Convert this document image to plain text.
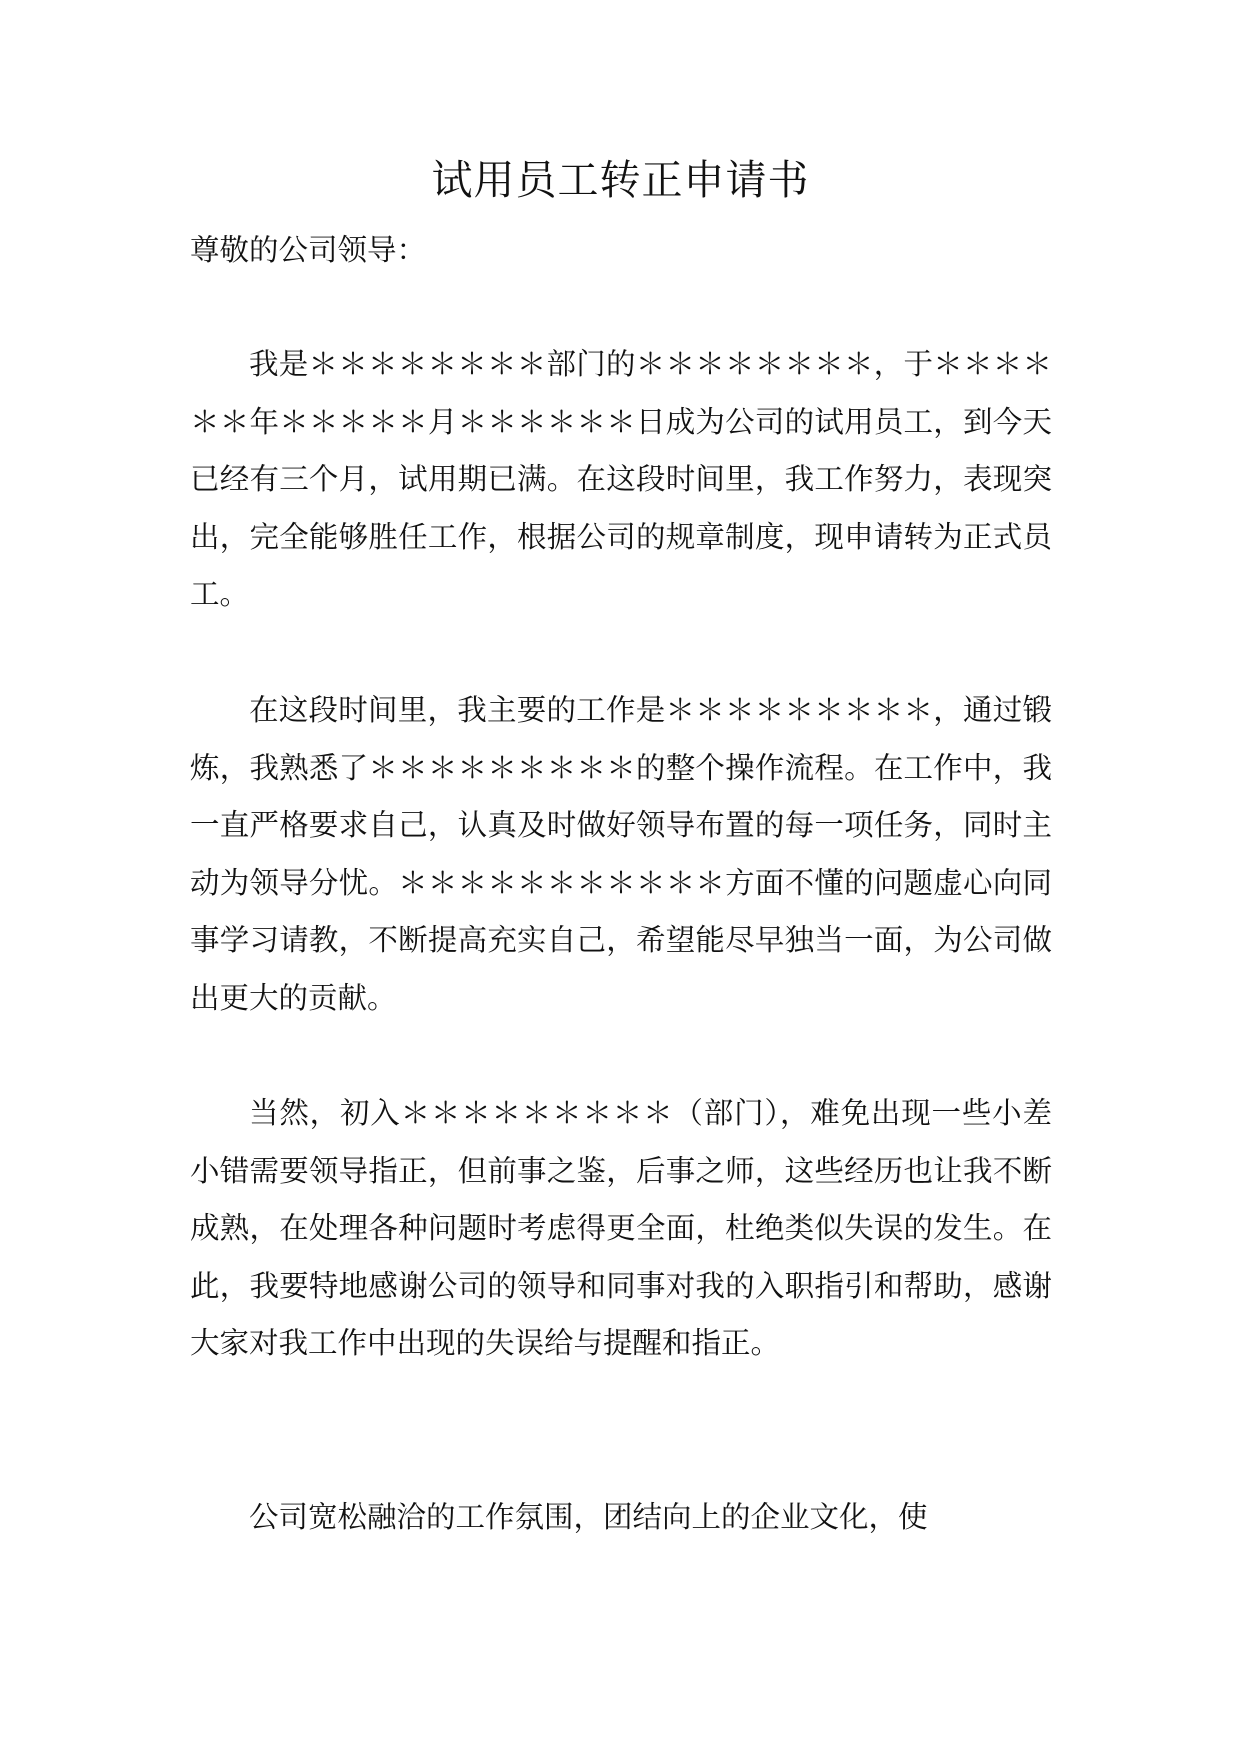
试用员工转正申请书

尊敬的公司领导：

我是＊＊＊＊＊＊＊＊部门的＊＊＊＊＊＊＊＊，于＊＊＊＊＊＊年＊＊＊＊＊月＊＊＊＊＊＊日成为公司的试用员工，到今天已经有三个月，试用期已满。在这段时间里，我工作努力，表现突出，完全能够胜任工作，根据公司的规章制度，现申请转为正式员工。

在这段时间里，我主要的工作是＊＊＊＊＊＊＊＊＊，通过锻炼，我熟悉了＊＊＊＊＊＊＊＊＊的整个操作流程。在工作中，我一直严格要求自己，认真及时做好领导布置的每一项任务，同时主动为领导分忧。＊＊＊＊＊＊＊＊＊＊＊方面不懂的问题虚心向同事学习请教，不断提高充实自己，希望能尽早独当一面，为公司做出更大的贡献。

当然，初入＊＊＊＊＊＊＊＊＊（部门），难免出现一些小差小错需要领导指正，但前事之鉴，后事之师，这些经历也让我不断成熟，在处理各种问题时考虑得更全面，杜绝类似失误的发生。在此，我要特地感谢公司的领导和同事对我的入职指引和帮助，感谢大家对我工作中出现的失误给与提醒和指正。

公司宽松融洽的工作氛围，团结向上的企业文化，使
